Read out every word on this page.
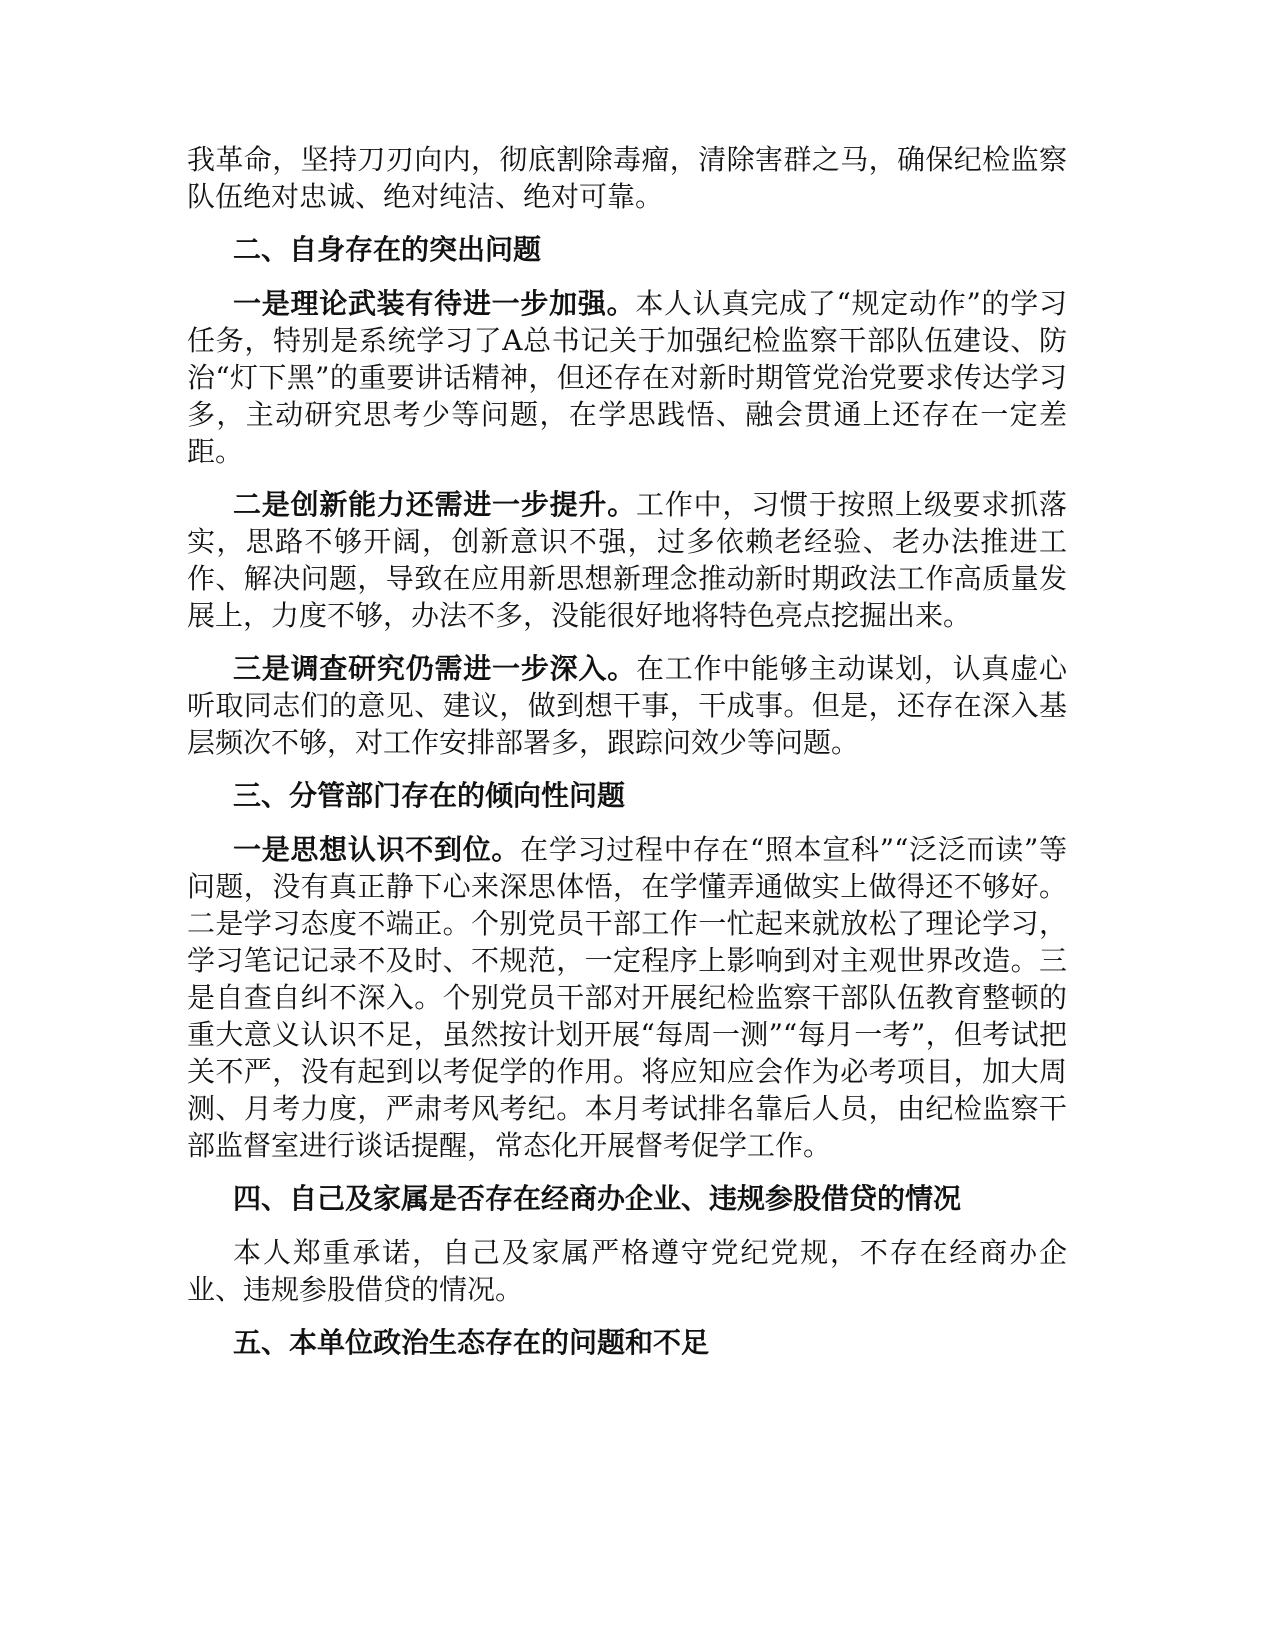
我革命，坚持刀刃向内，彻底割除毒瘤，清除害群之马，确保纪检监察队伍绝对忠诚、绝对纯洁、绝对可靠。

二、自身存在的突出问题

一是理论武装有待进一步加强。本人认真完成了“规定动作”的学习任务，特别是系统学习了A总书记关于加强纪检监察干部队伍建设、防治“灯下黑”的重要讲话精神，但还存在对新时期管党治党要求传达学习多，主动研究思考少等问题，在学思践悟、融会贯通上还存在一定差距。

二是创新能力还需进一步提升。工作中，习惯于按照上级要求抓落实，思路不够开阔，创新意识不强，过多依赖老经验、老办法推进工作、解决问题，导致在应用新思想新理念推动新时期政法工作高质量发展上，力度不够，办法不多，没能很好地将特色亮点挖掘出来。

三是调查研究仍需进一步深入。在工作中能够主动谋划，认真虚心听取同志们的意见、建议，做到想干事，干成事。但是，还存在深入基层频次不够，对工作安排部署多，跟踪问效少等问题。

三、分管部门存在的倾向性问题

一是思想认识不到位。在学习过程中存在“照本宣科”“泛泛而读”等问题，没有真正静下心来深思体悟，在学懂弄通做实上做得还不够好。二是学习态度不端正。个别党员干部工作一忙起来就放松了理论学习，学习笔记记录不及时、不规范，一定程序上影响到对主观世界改造。三是自查自纠不深入。个别党员干部对开展纪检监察干部队伍教育整顿的重大意义认识不足，虽然按计划开展“每周一测”“每月一考”，但考试把关不严，没有起到以考促学的作用。将应知应会作为必考项目，加大周测、月考力度，严肃考风考纪。本月考试排名靠后人员，由纪检监察干部监督室进行谈话提醒，常态化开展督考促学工作。

四、自己及家属是否存在经商办企业、违规参股借贷的情况

本人郑重承诺，自己及家属严格遵守党纪党规，不存在经商办企业、违规参股借贷的情况。

五、本单位政治生态存在的问题和不足
